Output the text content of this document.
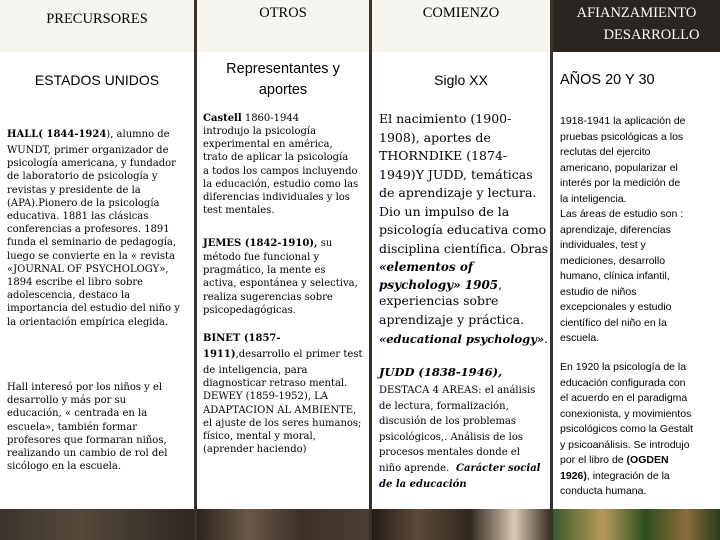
PRECURSORES
ESTADOS UNIDOS
HALL( 1844-1924), alumno de
WUNDT, primer organizador de
psicología americana, y fundador
de laboratorio de psicología y
revistas y presidente de la
(APA).Pionero de la psicología
educativa. 1881 las clásicas
conferencias a profesores. 1891
funda el seminario de pedagogía,
luego se convierte en la « revista
«JOURNAL OF PSYCHOLOGY»,
1894 escribe el libro sobre
adolescencia, destaco la
importancia del estudio del niño y
la orientación empírica elegida.
Hall interesó por los niños y el
desarrollo y más por su
educación, « centrada en la
escuela», también formar
profesores que formaran niños,
realizando un cambio de rol del
sicólogo en la escuela.
OTROS
Representantes y aportes
Castell 1860-1944
introdujo la psicología
experimental en américa,
trato de aplicar la psicología
a todos los campos incluyendo
la educación, estudio como las
diferencias individuales y los
test mentales.
JEMES (1842-1910), su
método fue funcional y
pragmático, la mente es
activa, espontánea y selectiva,
realiza sugerencias sobre
psicopedagógicas.
BINET (1857-
1911),desarrollo el primer test
de inteligencia, para
diagnosticar retraso mental.
DEWEY (1859-1952), LA
ADAPTACION AL AMBIENTE,
el ajuste de los seres humanos;
físico, mental y moral,
(aprender haciendo)
COMIENZO
Siglo XX
El nacimiento (1900-
1908), aportes de
THORNDIKE (1874-
1949)Y JUDD, temáticas
de aprendizaje y lectura.
Dio un impulso de la
psicología educativa como
disciplina científica. Obras
«elementos of
psychology» 1905,
experiencias sobre
aprendizaje y práctica.
«educational psychology».
JUDD (1838-1946),
DESTACA 4 AREAS: el análisis
de lectura, formalización,
discusión de los problemas
psicológicos,. Análisis de los
procesos mentales donde el
niño aprende. Carácter social
de la educación
AFIANZAMIENTO
DESARROLLO
AÑOS 20 Y 30
1918-1941 la aplicación de
pruebas psicológicas a los
reclutas del ejercito
americano, popularizar el
interés por la medición de
la inteligencia.
Las áreas de estudio son :
aprendizaje, diferencias
individuales, test y
mediciones, desarrollo
humano, clínica infantil,
estudio de niños
excepcionales y estudio
científico del niño en la
escuela.
En 1920 la psicología de la
educación configurada con
el acuerdo en el paradigma
conexionista, y movimientos
psicológicos como la Gestalt
y psicoanálisis. Se introdujo
por el libro de (OGDEN
1926), integración de la
conducta humana.
